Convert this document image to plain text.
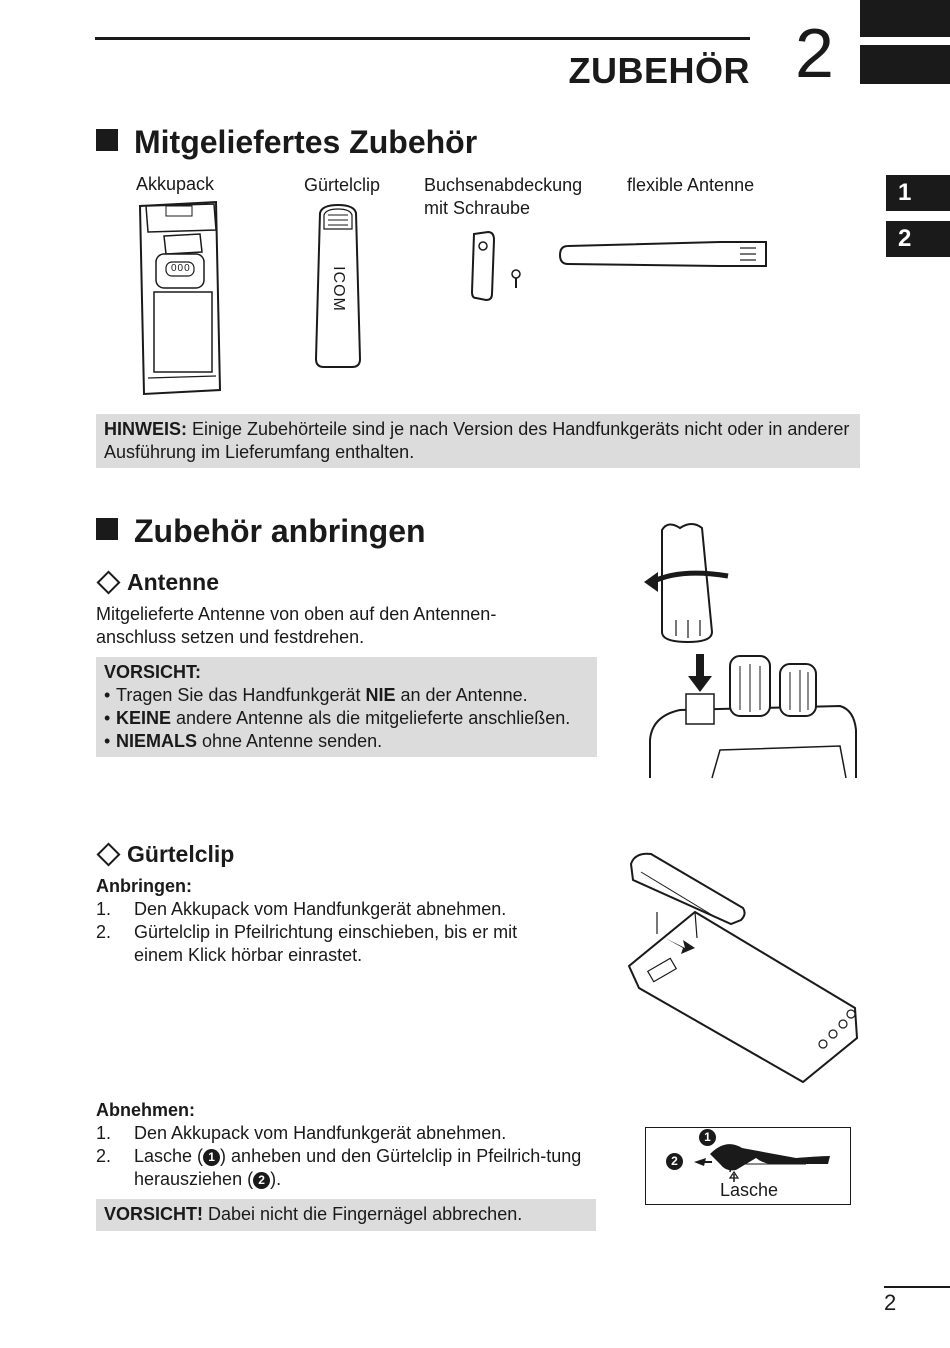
ZUBEHÖR 2
1
2
Mitgeliefertes Zubehör
Akkupack	Gürtelclip Buchsenabdeckung
mit Schraube
flexible Antenne
000	ICOM
HINWEIS: Einige Zubehörteile sind je nach Version des Handfunkgeräts nicht oder in anderer Ausführung im Lieferumfang enthalten.
Zubehör anbringen
Antenne
Mitgelieferte Antenne von oben auf den Antennen-anschluss setzen und festdrehen.
VORSICHT:
• Tragen Sie das Handfunkgerät NIE an der Antenne.
• KEINE andere Antenne als die mitgelieferte anschließen.
• NIEMALS ohne Antenne senden.
Gürtelclip
Anbringen:
1. Den Akkupack vom Handfunkgerät abnehmen.
2. Gürtelclip in Pfeilrichtung einschieben, bis er mit einem Klick hörbar einrastet.
Abnehmen:
1. Den Akkupack vom Handfunkgerät abnehmen.
2. Lasche ( 1 ) anheben und den Gürtelclip in Pfeilrich-tung herausziehen ( 2 ).
1
2
Lasche
VORSICHT! Dabei nicht die Fingernägel abbrechen.
2
